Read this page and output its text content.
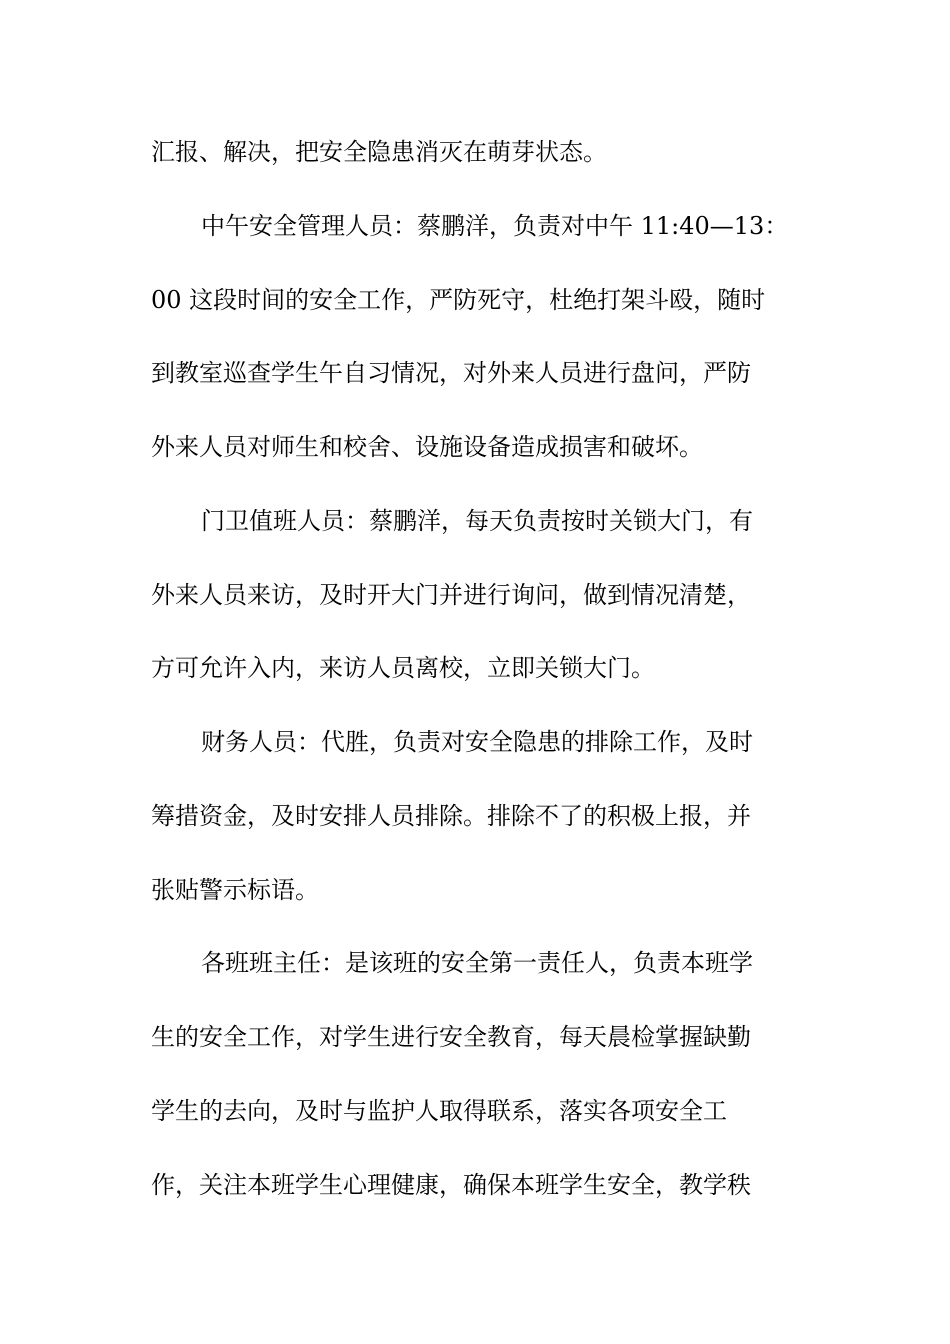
汇报、解决，把安全隐患消灭在萌芽状态。
中午安全管理人员：蔡鹏洋，负责对中午 11:40—13：
00 这段时间的安全工作，严防死守，杜绝打架斗殴，随时
到教室巡查学生午自习情况，对外来人员进行盘问，严防
外来人员对师生和校舍、设施设备造成损害和破坏。
门卫值班人员：蔡鹏洋，每天负责按时关锁大门，有
外来人员来访，及时开大门并进行询问，做到情况清楚，
方可允许入内，来访人员离校，立即关锁大门。
财务人员：代胜，负责对安全隐患的排除工作，及时
筹措资金，及时安排人员排除。排除不了的积极上报，并
张贴警示标语。
各班班主任：是该班的安全第一责任人，负责本班学
生的安全工作，对学生进行安全教育，每天晨检掌握缺勤
学生的去向，及时与监护人取得联系，落实各项安全工
作，关注本班学生心理健康，确保本班学生安全，教学秩
